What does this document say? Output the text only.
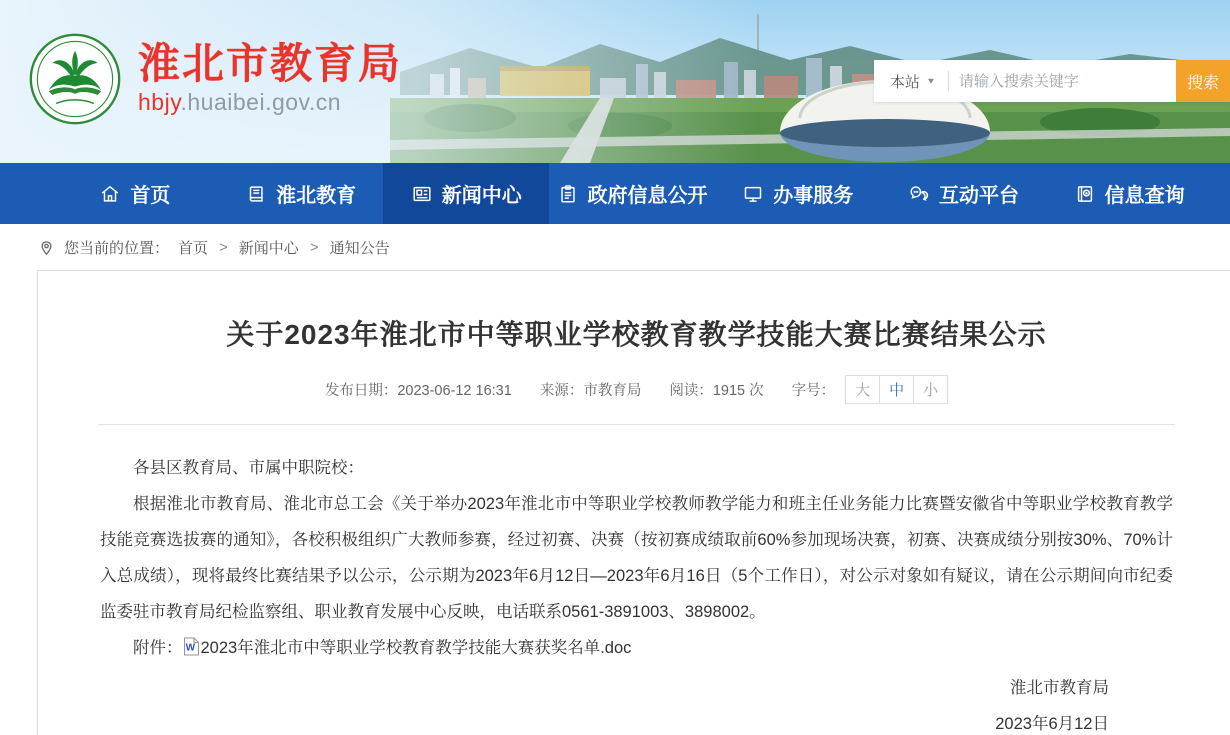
淮北市教育局
hbjy.huaibei.gov.cn
本站 ▼
请输入搜索关键字	搜索
首页	淮北教育	新闻中心	政府信息公开	办事服务	互动平台	信息查询
您当前的位置： 首页 > 新闻中心 > 通知公告
关于2023年淮北市中等职业学校教育教学技能大赛比赛结果公示
发布日期：2023-06-12 16:31 来源：市教育局 阅读：1915 次 字号：	大	中	小

各县区教育局、市属中职院校：

根据淮北市教育局、淮北市总工会《关于举办2023年淮北市中等职业学校教师教学能力和班主任业务能力比赛暨安徽省中等职业学校教育教学技能竞赛选拔赛的通知》，各校积极组织广大教师参赛，经过初赛、决赛（按初赛成绩取前60%参加现场决赛，初赛、决赛成绩分别按30%、70%计入总成绩），现将最终比赛结果予以公示，公示期为2023年6月12日—2023年6月16日（5个工作日），对公示对象如有疑议，请在公示期间向市纪委监委驻市教育局纪检监察组、职业教育发展中心反映，电话联系0561-3891003、3898002。

附件： W 2023年淮北市中等职业学校教育教学技能大赛获奖名单.doc

淮北市教育局
2023年6月12日
